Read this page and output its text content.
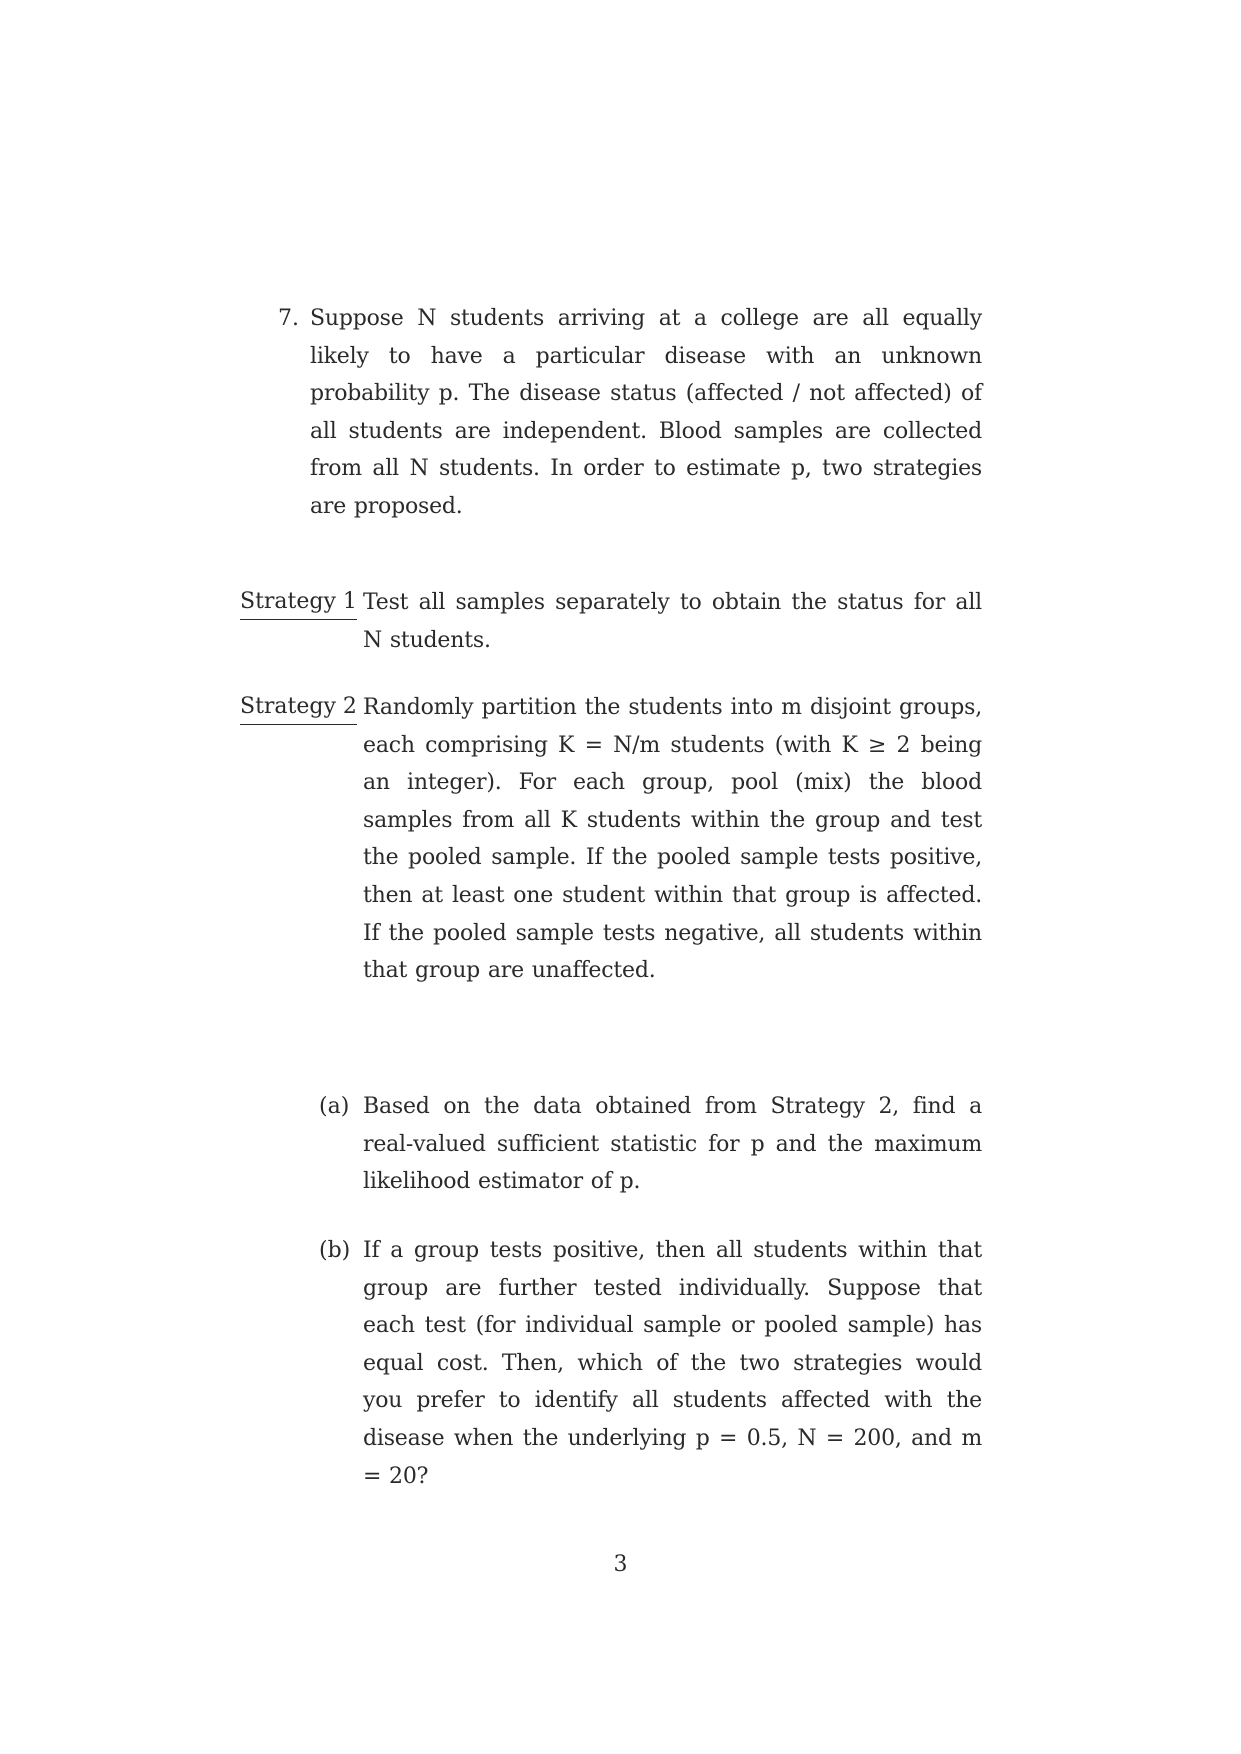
7. Suppose N students arriving at a college are all equally likely to have a particular disease with an unknown probability p. The disease status (affected / not affected) of all students are independent. Blood samples are collected from all N students. In order to estimate p, two strategies are proposed.
Strategy 1 Test all samples separately to obtain the status for all N students.
Strategy 2 Randomly partition the students into m disjoint groups, each comprising K = N/m students (with K ≥ 2 being an integer). For each group, pool (mix) the blood samples from all K students within the group and test the pooled sample. If the pooled sample tests positive, then at least one student within that group is affected. If the pooled sample tests negative, all students within that group are unaffected.
(a) Based on the data obtained from Strategy 2, find a real-valued sufficient statistic for p and the maximum likelihood estimator of p.
(b) If a group tests positive, then all students within that group are further tested individually. Suppose that each test (for individual sample or pooled sample) has equal cost. Then, which of the two strategies would you prefer to identify all students affected with the disease when the underlying p = 0.5, N = 200, and m = 20?
3
